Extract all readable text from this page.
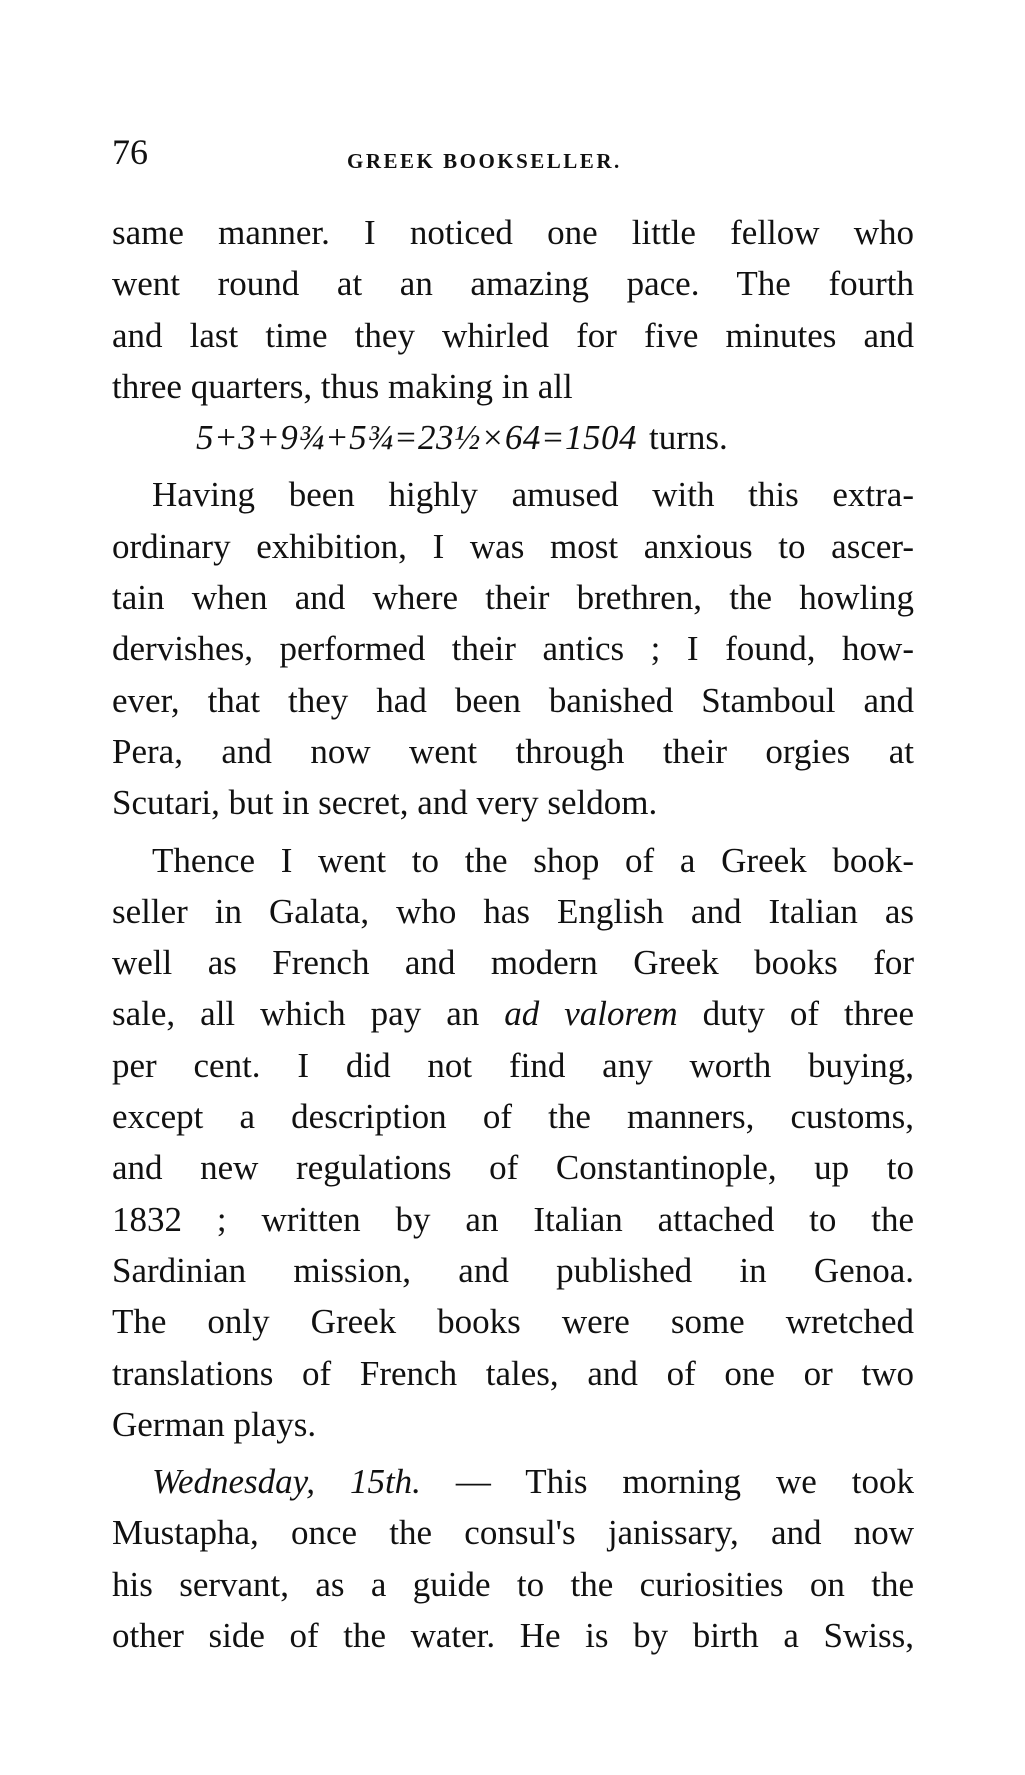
76	GREEK BOOKSELLER.
same manner. I noticed one little fellow who
went round at an amazing pace. The fourth
and last time they whirled for five minutes and
three quarters, thus making in all
5+3+9¾+5¾=23½×64=1504 turns.
Having been highly amused with this extra-
ordinary exhibition, I was most anxious to ascer-
tain when and where their brethren, the howling
dervishes, performed their antics ; I found, how-
ever, that they had been banished Stamboul and
Pera, and now went through their orgies at
Scutari, but in secret, and very seldom.
Thence I went to the shop of a Greek book-
seller in Galata, who has English and Italian as
well as French and modern Greek books for
sale, all which pay an ad valorem duty of three
per cent. I did not find any worth buying,
except a description of the manners, customs,
and new regulations of Constantinople, up to
1832 ; written by an Italian attached to the
Sardinian mission, and published in Genoa.
The only Greek books were some wretched
translations of French tales, and of one or two
German plays.
Wednesday, 15th. — This morning we took
Mustapha, once the consul's janissary, and now
his servant, as a guide to the curiosities on the
other side of the water. He is by birth a Swiss,
